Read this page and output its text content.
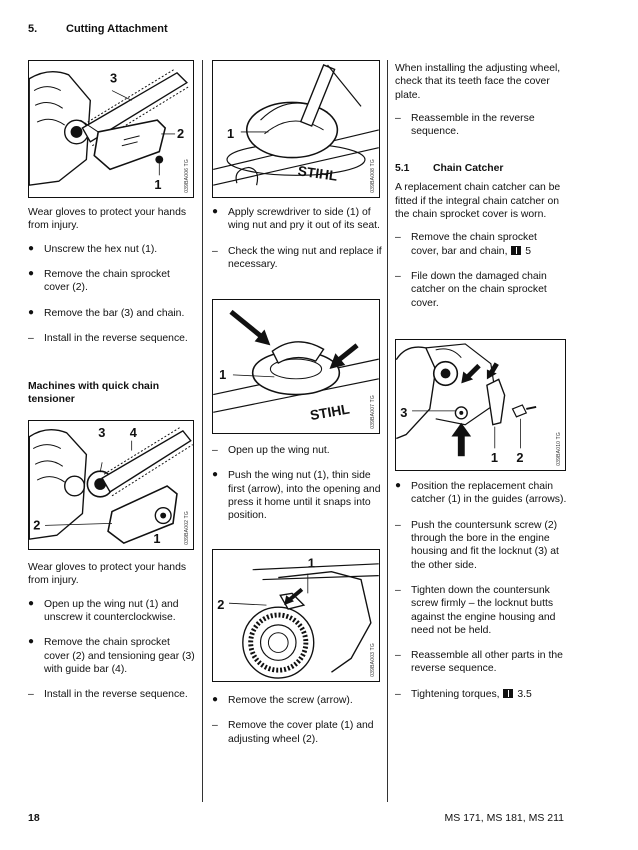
5.	Cutting Attachment
3
2
1	039BA006 TG

Wear gloves to protect your hands from injury.

● Unscrew the hex nut (1).
● Remove the chain sprocket cover (2).
● Remove the bar (3) and chain.
– Install in the reverse sequence.
Machines with quick chain tensioner
3 4
2
1	039BA002 TG

Wear gloves to protect your hands from injury.

● Open up the wing nut (1) and unscrew it counterclockwise.
● Remove the chain sprocket cover (2) and tensioning gear (3) with guide bar (4).
– Install in the reverse sequence.
STIHL
1
039BA008 TG
● Apply screwdriver to side (1) of wing nut and pry it out of its seat.
– Check the wing nut and replace if necessary.
STIHL
1
039BA007 TG
– Open up the wing nut.
● Push the wing nut (1), thin side first (arrow), into the opening and press it home until it snaps into position.
1
2
039BA003 TG
● Remove the screw (arrow).
– Remove the cover plate (1) and adjusting wheel (2).

When installing the adjusting wheel, check that its teeth face the cover plate.

– Reassemble in the reverse sequence.
5.1 Chain Catcher

A replacement chain catcher can be fitted if the integral chain catcher on the chain sprocket cover is worn.

– Remove the chain sprocket cover, bar and chain, 5
– File down the damaged chain catcher on the chain sprocket cover.
3
1 2	039BA010 TG
● Position the replacement chain catcher (1) in the guides (arrows).
– Push the countersunk screw (2) through the bore in the engine housing and fit the locknut (3) at the other side.
– Tighten down the countersunk screw firmly – the locknut butts against the engine housing and need not be held.
– Reassemble all other parts in the reverse sequence.
– Tightening torques, 3.5
18	MS 171, MS 181, MS 211
